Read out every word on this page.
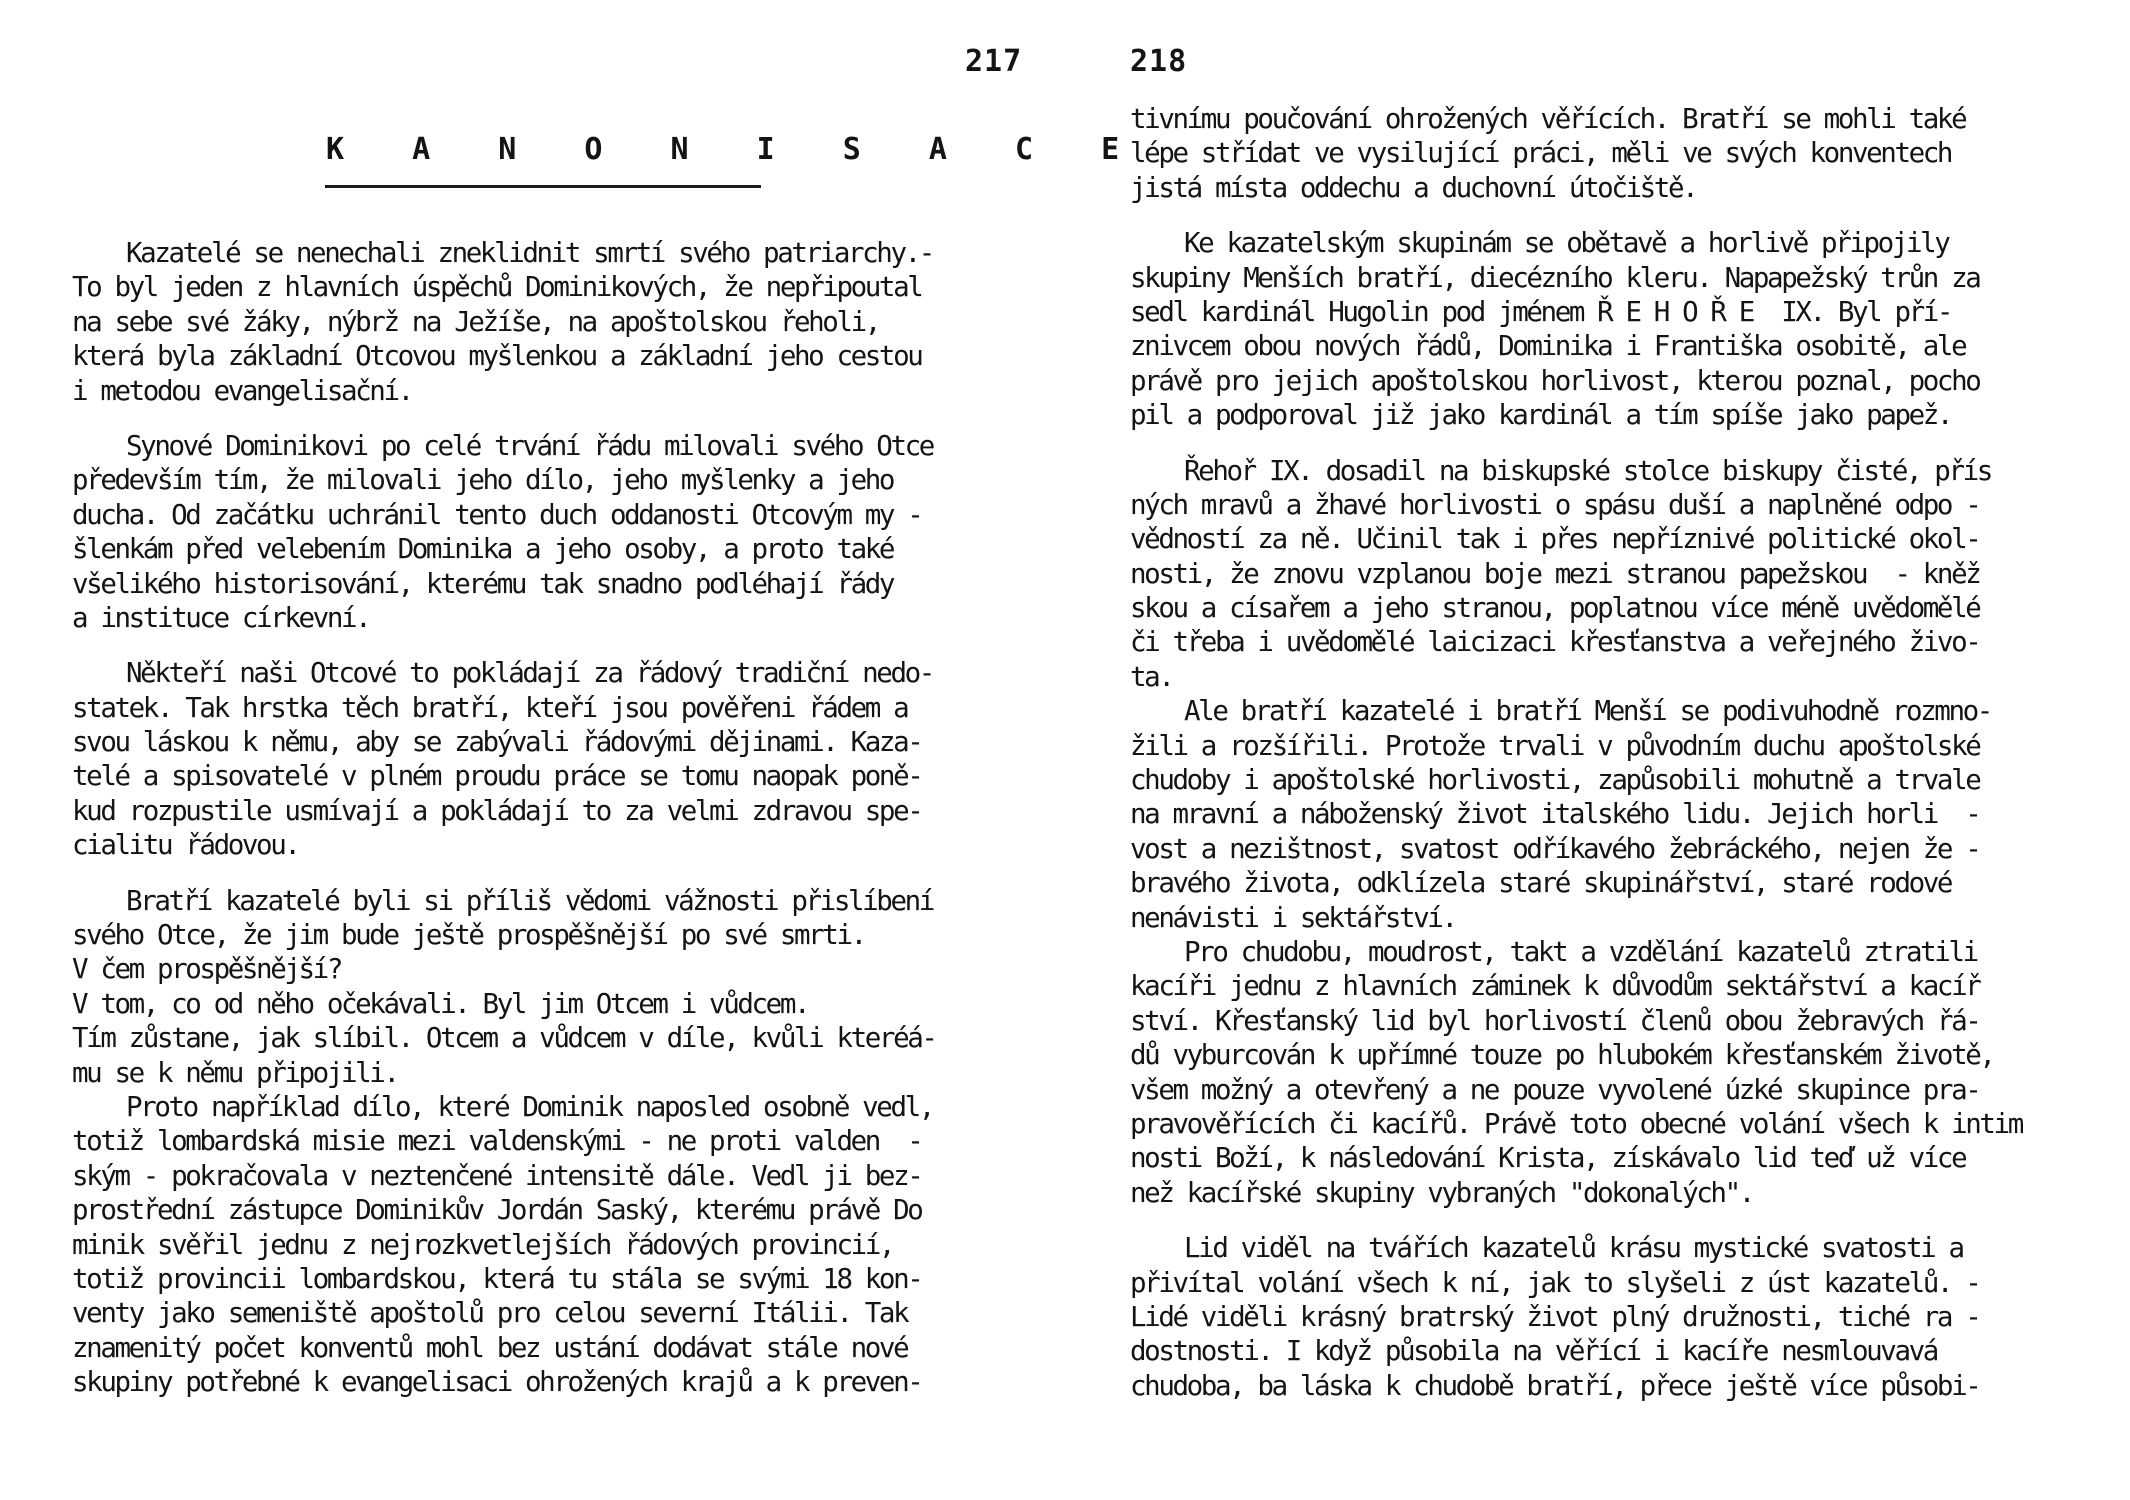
217
K A N O N I S A C E
Kazatelé se nenechali zneklidnit smrtí svého patriarchy.-
To byl jeden z hlavních úspěchů Dominikových, že nepřipoutal
na sebe své žáky, nýbrž na Ježíše, na apoštolskou řeholi,
která byla základní Otcovou myšlenkou a základní jeho cestou
i metodou evangelisační.
Synové Dominikovi po celé trvání řádu milovali svého Otce
především tím, že milovali jeho dílo, jeho myšlenky a jeho
ducha. Od začátku uchránil tento duch oddanosti Otcovým my -
šlenkám před velebením Dominika a jeho osoby, a proto také
všelikého historisování, kterému tak snadno podléhají řády
a instituce církevní.
Někteří naši Otcové to pokládají za řádový tradiční nedo-
statek. Tak hrstka těch bratří, kteří jsou pověřeni řádem a
svou láskou k němu, aby se zabývali řádovými dějinami. Kaza-
telé a spisovatelé v plném proudu práce se tomu naopak poně-
kud rozpustile usmívají a pokládají to za velmi zdravou spe-
cialitu řádovou.
Bratří kazatelé byli si příliš vědomi vážnosti přislíbení
svého Otce, že jim bude ještě prospěšnější po své smrti.
V čem prospěšnější?
V tom, co od něho očekávali. Byl jim Otcem i vůdcem.
Tím zůstane, jak slíbil. Otcem a vůdcem v díle, kvůli kteréá-
mu se k němu připojili.
Proto například dílo, které Dominik naposled osobně vedl,
totiž lombardská misie mezi valdenskými - ne proti valden  -
ským - pokračovala v neztenčené intensitě dále. Vedl ji bez-
prostřední zástupce Dominikův Jordán Saský, kterému právě Do
minik svěřil jednu z nejrozkvetlejších řádových provincií,
totiž provincii lombardskou, která tu stála se svými 18 kon-
venty jako semeniště apoštolů pro celou severní Itálii. Tak
znamenitý počet konventů mohl bez ustání dodávat stále nové
skupiny potřebné k evangelisaci ohrožených krajů a k preven-
218
tivnímu poučování ohrožených věřících. Bratří se mohli také
lépe střídat ve vysilující práci, měli ve svých konventech
jistá místa oddechu a duchovní útočiště.
Ke kazatelským skupinám se obětavě a horlivě připojily
skupiny Menších bratří, diecézního kleru. Napapežský trůn za
sedl kardinál Hugolin pod jménem Ř E H O Ř E  IX. Byl pří-
znivcem obou nových řádů, Dominika i Františka osobitě, ale
právě pro jejich apoštolskou horlivost, kterou poznal, pocho
pil a podporoval již jako kardinál a tím spíše jako papež.
Řehoř IX. dosadil na biskupské stolce biskupy čisté, přís
ných mravů a žhavé horlivosti o spásu duší a naplněné odpo -
vědností za ně. Učinil tak i přes nepříznivé politické okol-
nosti, že znovu vzplanou boje mezi stranou papežskou  - kněž
skou a císařem a jeho stranou, poplatnou více méně uvědomělé
či třeba i uvědomělé laicizaci křesťanstva a veřejného živo-
ta.
Ale bratří kazatelé i bratří Menší se podivuhodně rozmno-
žili a rozšířili. Protože trvali v původním duchu apoštolské
chudoby i apoštolské horlivosti, zapůsobili mohutně a trvale
na mravní a náboženský život italského lidu. Jejich horli  -
vost a nezištnost, svatost odříkavého žebráckého, nejen že -
bravého života, odklízela staré skupinářství, staré rodové
nenávisti i sektářství.
Pro chudobu, moudrost, takt a vzdělání kazatelů ztratili
kacíři jednu z hlavních záminek k důvodům sektářství a kacíř
ství. Křesťanský lid byl horlivostí členů obou žebravých řá-
dů vyburcován k upřímné touze po hlubokém křesťanském životě,
všem možný a otevřený a ne pouze vyvolené úzké skupince pra-
pravověřících či kacířů. Právě toto obecné volání všech k intim
nosti Boží, k následování Krista, získávalo lid teď už více
než kacířské skupiny vybraných "dokonalých".
Lid viděl na tvářích kazatelů krásu mystické svatosti a
přivítal volání všech k ní, jak to slyšeli z úst kazatelů. -
Lidé viděli krásný bratrský život plný družnosti, tiché ra -
dostnosti. I když působila na věřící i kacíře nesmlouvavá
chudoba, ba láska k chudobě bratří, přece ještě více působi-
